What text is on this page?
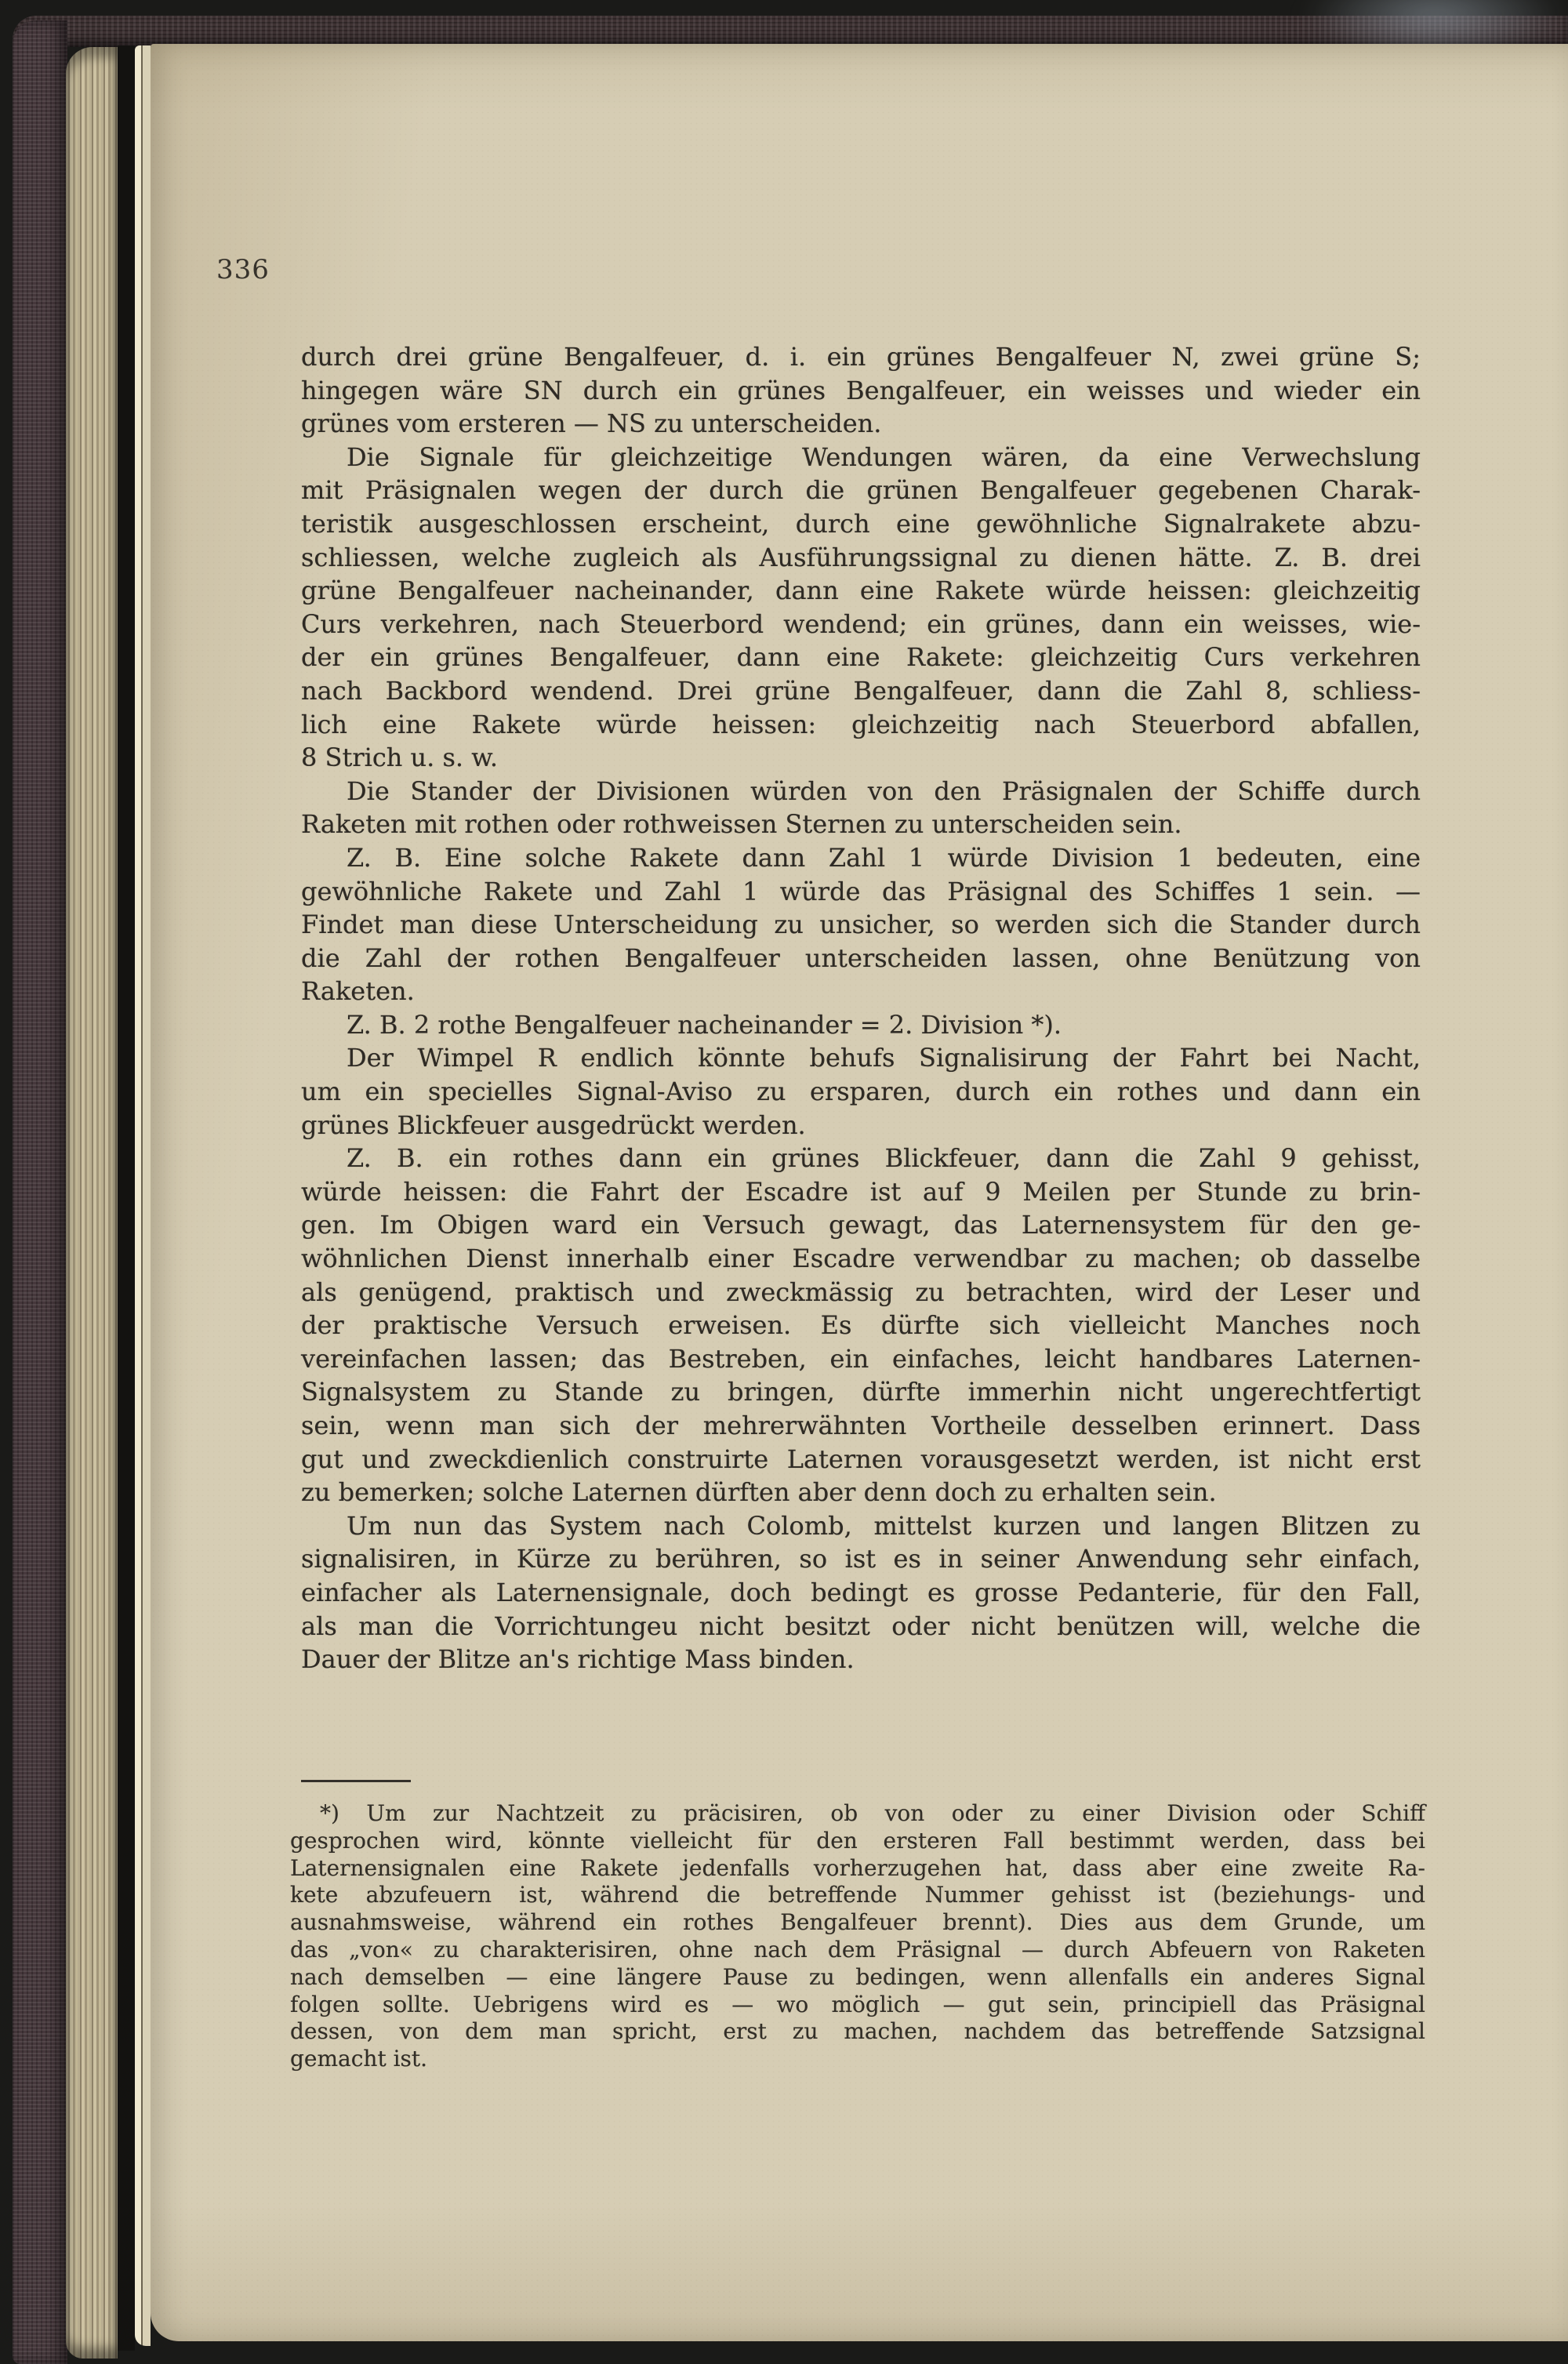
336
durch drei grüne Bengalfeuer, d. i. ein grünes Bengalfeuer N, zwei grüne S;
hingegen wäre SN durch ein grünes Bengalfeuer, ein weisses und wieder ein
grünes vom ersteren — NS zu unterscheiden.
Die Signale für gleichzeitige Wendungen wären, da eine Verwechslung
mit Präsignalen wegen der durch die grünen Bengalfeuer gegebenen Charak-
teristik ausgeschlossen erscheint, durch eine gewöhnliche Signalrakete abzu-
schliessen, welche zugleich als Ausführungssignal zu dienen hätte. Z. B. drei
grüne Bengalfeuer nacheinander, dann eine Rakete würde heissen: gleichzeitig
Curs verkehren, nach Steuerbord wendend; ein grünes, dann ein weisses, wie-
der ein grünes Bengalfeuer, dann eine Rakete: gleichzeitig Curs verkehren
nach Backbord wendend. Drei grüne Bengalfeuer, dann die Zahl 8, schliess-
lich eine Rakete würde heissen: gleichzeitig nach Steuerbord abfallen,
8 Strich u. s. w.
Die Stander der Divisionen würden von den Präsignalen der Schiffe durch
Raketen mit rothen oder rothweissen Sternen zu unterscheiden sein.
Z. B. Eine solche Rakete dann Zahl 1 würde Division 1 bedeuten, eine
gewöhnliche Rakete und Zahl 1 würde das Präsignal des Schiffes 1 sein. —
Findet man diese Unterscheidung zu unsicher, so werden sich die Stander durch
die Zahl der rothen Bengalfeuer unterscheiden lassen, ohne Benützung von
Raketen.
Z. B. 2 rothe Bengalfeuer nacheinander = 2. Division *).
Der Wimpel R endlich könnte behufs Signalisirung der Fahrt bei Nacht,
um ein specielles Signal-Aviso zu ersparen, durch ein rothes und dann ein
grünes Blickfeuer ausgedrückt werden.
Z. B. ein rothes dann ein grünes Blickfeuer, dann die Zahl 9 gehisst,
würde heissen: die Fahrt der Escadre ist auf 9 Meilen per Stunde zu brin-
gen. Im Obigen ward ein Versuch gewagt, das Laternensystem für den ge-
wöhnlichen Dienst innerhalb einer Escadre verwendbar zu machen; ob dasselbe
als genügend, praktisch und zweckmässig zu betrachten, wird der Leser und
der praktische Versuch erweisen. Es dürfte sich vielleicht Manches noch
vereinfachen lassen; das Bestreben, ein einfaches, leicht handbares Laternen-
Signalsystem zu Stande zu bringen, dürfte immerhin nicht ungerechtfertigt
sein, wenn man sich der mehrerwähnten Vortheile desselben erinnert. Dass
gut und zweckdienlich construirte Laternen vorausgesetzt werden, ist nicht erst
zu bemerken; solche Laternen dürften aber denn doch zu erhalten sein.
Um nun das System nach Colomb, mittelst kurzen und langen Blitzen zu
signalisiren, in Kürze zu berühren, so ist es in seiner Anwendung sehr einfach,
einfacher als Laternensignale, doch bedingt es grosse Pedanterie, für den Fall,
als man die Vorrichtungeu nicht besitzt oder nicht benützen will, welche die
Dauer der Blitze an's richtige Mass binden.
*) Um zur Nachtzeit zu präcisiren, ob von oder zu einer Division oder Schiff
gesprochen wird, könnte vielleicht für den ersteren Fall bestimmt werden, dass bei
Laternensignalen eine Rakete jedenfalls vorherzugehen hat, dass aber eine zweite Ra-
kete abzufeuern ist, während die betreffende Nummer gehisst ist (beziehungs- und
ausnahmsweise, während ein rothes Bengalfeuer brennt). Dies aus dem Grunde, um
das „von« zu charakterisiren, ohne nach dem Präsignal — durch Abfeuern von Raketen
nach demselben — eine längere Pause zu bedingen, wenn allenfalls ein anderes Signal
folgen sollte. Uebrigens wird es — wo möglich — gut sein, principiell das Präsignal
dessen, von dem man spricht, erst zu machen, nachdem das betreffende Satzsignal
gemacht ist.
